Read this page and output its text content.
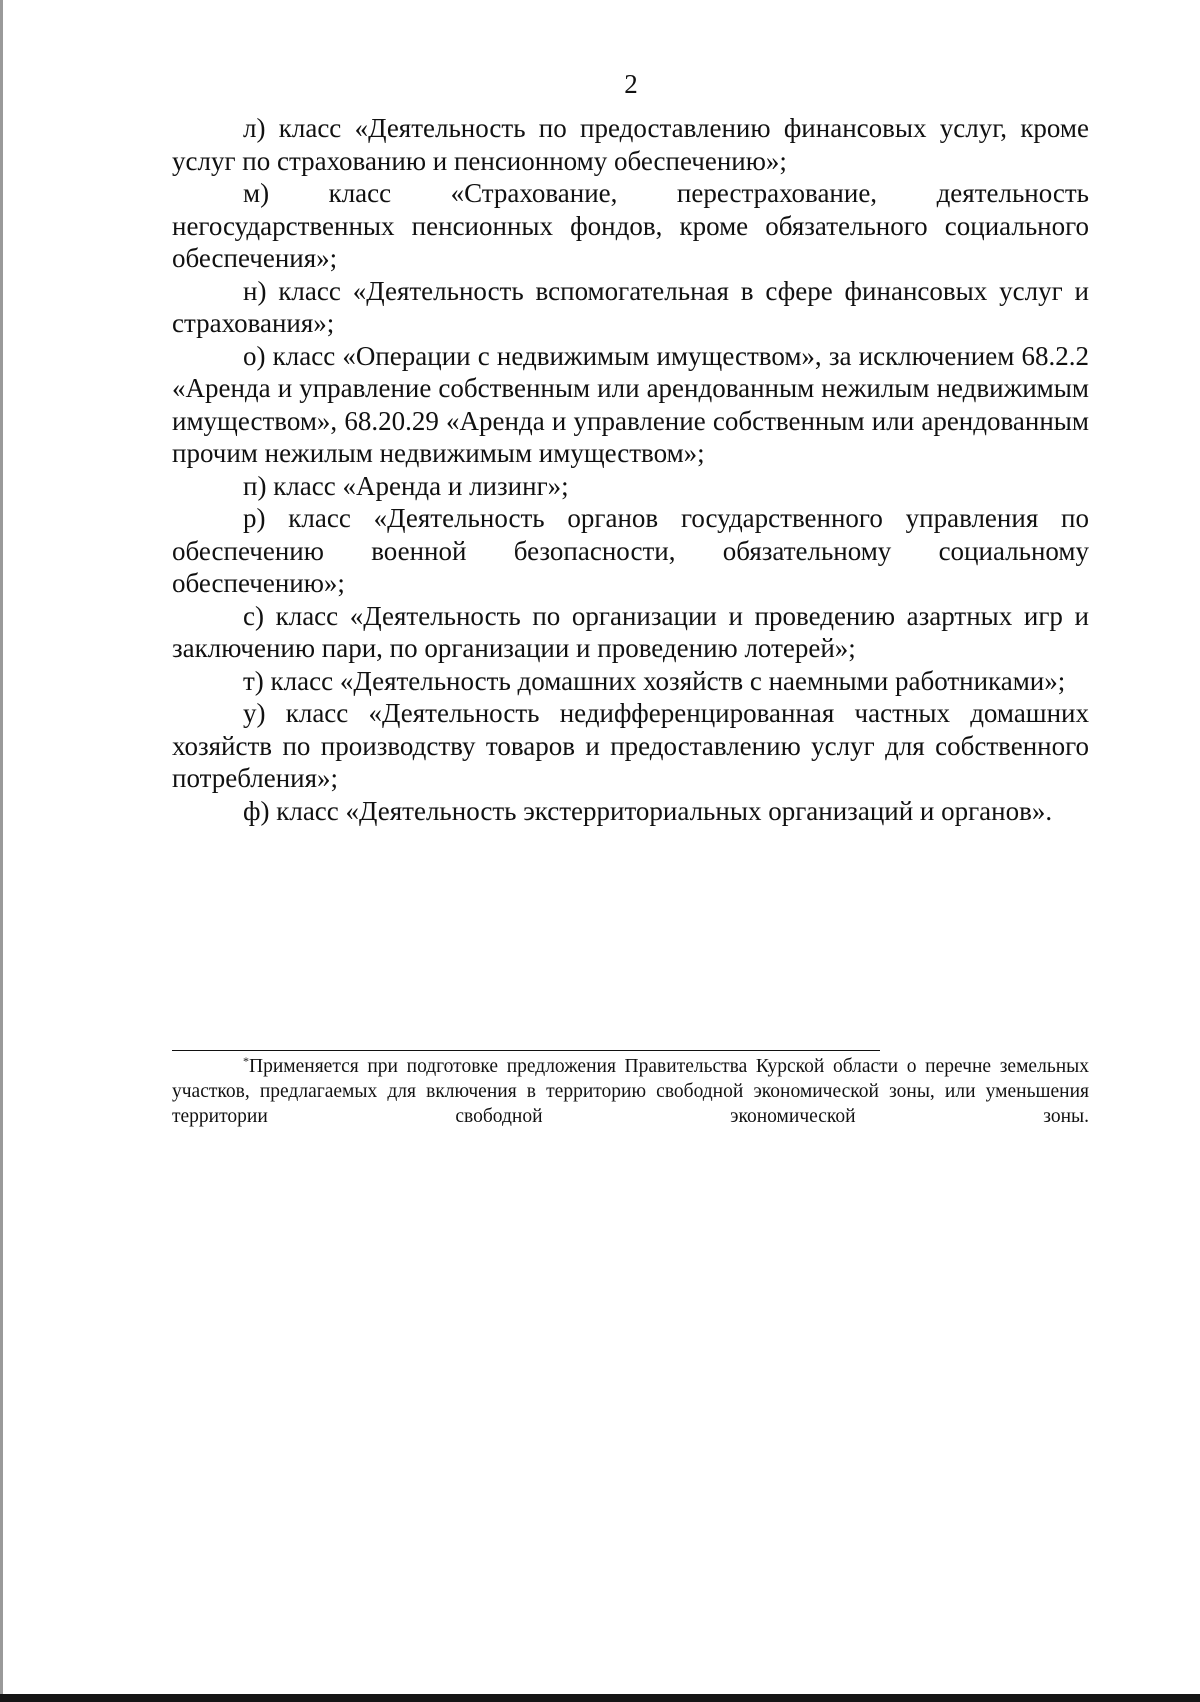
2

л) класс «Деятельность по предоставлению финансовых услуг, кроме услуг по страхованию и пенсионному обеспечению»;

м) класс «Страхование, перестрахование, деятельность негосударственных пенсионных фондов, кроме обязательного социального обеспечения»;

н) класс «Деятельность вспомогательная в сфере финансовых услуг и страхования»;

о) класс «Операции с недвижимым имуществом», за исключением 68.2.2 «Аренда и управление собственным или арендованным нежилым недвижимым имуществом», 68.20.29 «Аренда и управление собственным или арендованным прочим нежилым недвижимым имуществом»;

п) класс «Аренда и лизинг»;

р) класс «Деятельность органов государственного управления по обеспечению военной безопасности, обязательному социальному обеспечению»;

с) класс «Деятельность по организации и проведению азартных игр и заключению пари, по организации и проведению лотерей»;

т) класс «Деятельность домашних хозяйств с наемными работниками»;

у) класс «Деятельность недифференцированная частных домашних хозяйств по производству товаров и предоставлению услуг для собственного потребления»;

ф) класс «Деятельность экстерриториальных организаций и органов».

*Применяется при подготовке предложения Правительства Курской области о перечне земельных участков, предлагаемых для включения в территорию свободной экономической зоны, или уменьшения территории свободной экономической зоны.
